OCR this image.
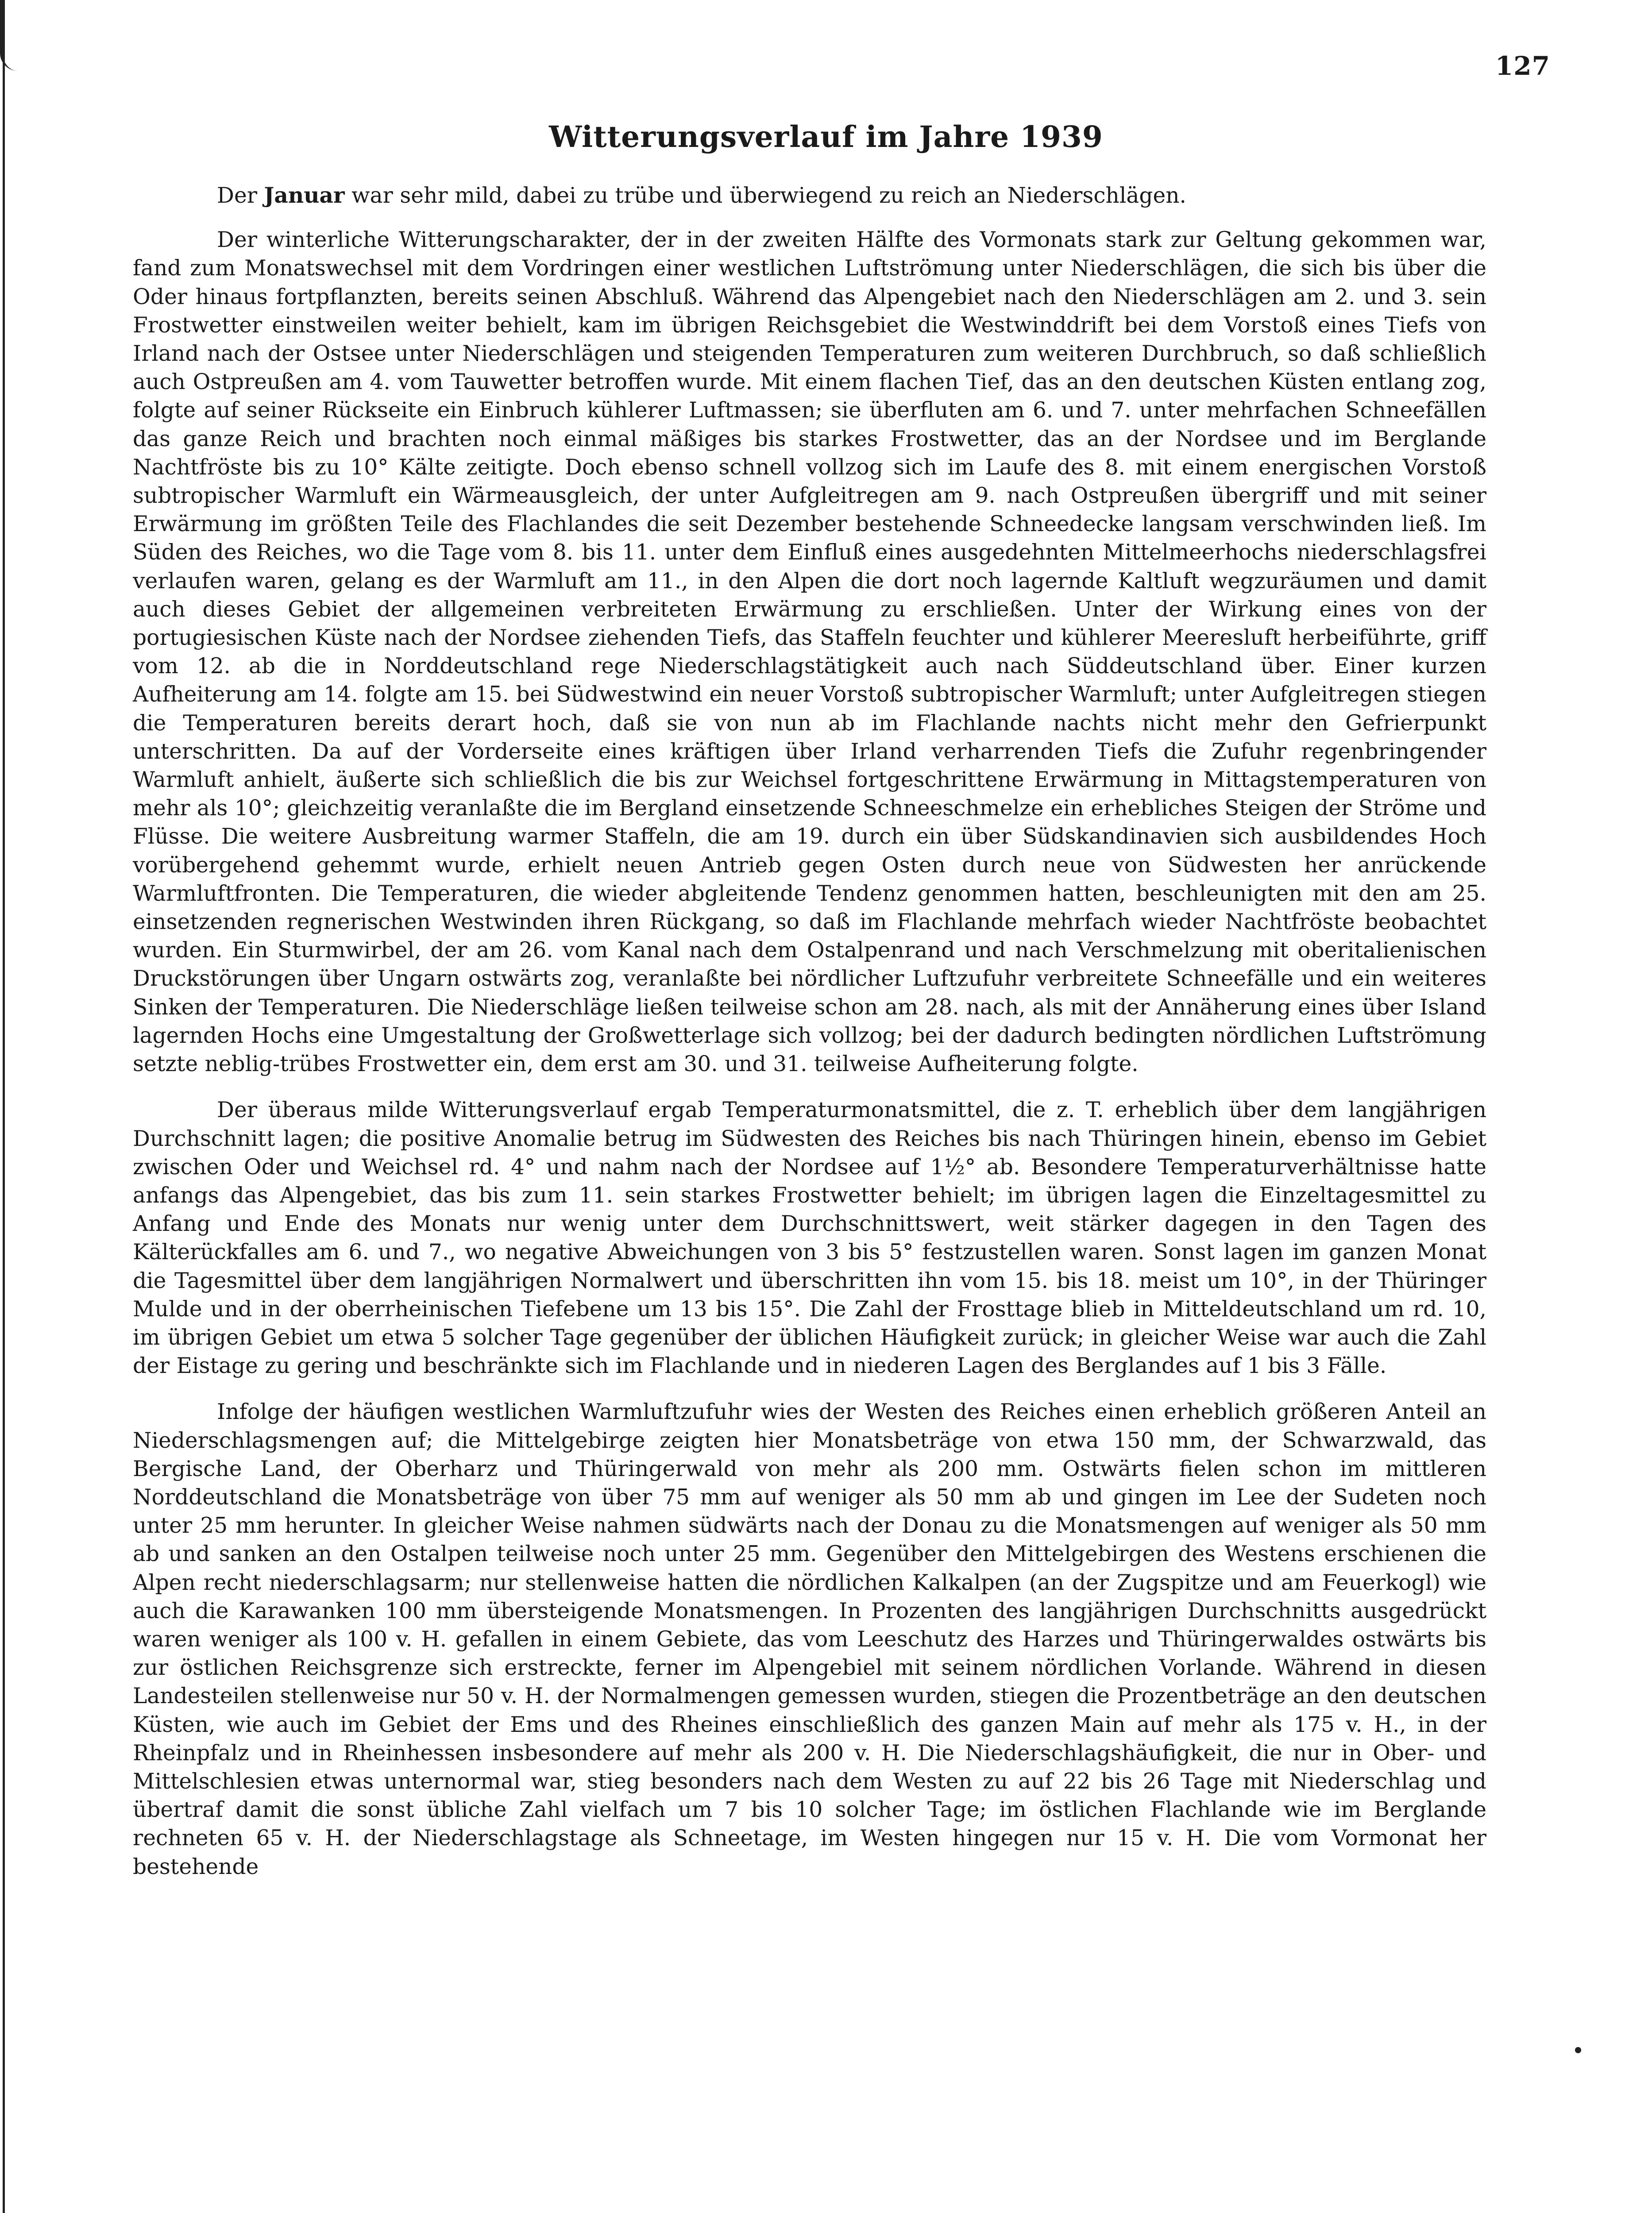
127
Witterungsverlauf im Jahre 1939

Der Januar war sehr mild, dabei zu trübe und überwiegend zu reich an Niederschlägen.

Der winterliche Witterungscharakter, der in der zweiten Hälfte des Vormonats stark zur Geltung gekommen war, fand zum Monatswechsel mit dem Vordringen einer westlichen Luftströmung unter Niederschlägen, die sich bis über die Oder hinaus fortpflanzten, bereits seinen Abschluß. Während das Alpengebiet nach den Niederschlägen am 2. und 3. sein Frostwetter einstweilen weiter behielt, kam im übrigen Reichsgebiet die Westwinddrift bei dem Vorstoß eines Tiefs von Irland nach der Ostsee unter Niederschlägen und steigenden Temperaturen zum weiteren Durchbruch, so daß schließlich auch Ostpreußen am 4. vom Tauwetter betroffen wurde. Mit einem flachen Tief, das an den deutschen Küsten entlang zog, folgte auf seiner Rückseite ein Einbruch kühlerer Luftmassen; sie überfluten am 6. und 7. unter mehrfachen Schneefällen das ganze Reich und brachten noch einmal mäßiges bis starkes Frostwetter, das an der Nordsee und im Berglande Nachtfröste bis zu 10° Kälte zeitigte. Doch ebenso schnell vollzog sich im Laufe des 8. mit einem energischen Vorstoß subtropischer Warmluft ein Wärmeausgleich, der unter Aufgleitregen am 9. nach Ostpreußen übergriff und mit seiner Erwärmung im größten Teile des Flachlandes die seit Dezember bestehende Schneedecke langsam verschwinden ließ. Im Süden des Reiches, wo die Tage vom 8. bis 11. unter dem Einfluß eines ausgedehnten Mittelmeerhochs niederschlagsfrei verlaufen waren, gelang es der Warmluft am 11., in den Alpen die dort noch lagernde Kaltluft wegzuräumen und damit auch dieses Gebiet der allgemeinen verbreiteten Erwärmung zu erschließen. Unter der Wirkung eines von der portugiesischen Küste nach der Nordsee ziehenden Tiefs, das Staffeln feuchter und kühlerer Meeresluft herbeiführte, griff vom 12. ab die in Norddeutschland rege Niederschlagstätigkeit auch nach Süddeutschland über. Einer kurzen Aufheiterung am 14. folgte am 15. bei Südwestwind ein neuer Vorstoß subtropischer Warmluft; unter Aufgleitregen stiegen die Temperaturen bereits derart hoch, daß sie von nun ab im Flachlande nachts nicht mehr den Gefrierpunkt unterschritten. Da auf der Vorderseite eines kräftigen über Irland verharrenden Tiefs die Zufuhr regenbringender Warmluft anhielt, äußerte sich schließlich die bis zur Weichsel fortgeschrittene Erwärmung in Mittagstemperaturen von mehr als 10°; gleichzeitig veranlaßte die im Bergland einsetzende Schneeschmelze ein erhebliches Steigen der Ströme und Flüsse. Die weitere Ausbreitung warmer Staffeln, die am 19. durch ein über Südskandinavien sich ausbildendes Hoch vorübergehend gehemmt wurde, erhielt neuen Antrieb gegen Osten durch neue von Südwesten her anrückende Warmluftfronten. Die Temperaturen, die wieder abgleitende Tendenz genommen hatten, beschleunigten mit den am 25. einsetzenden regnerischen Westwinden ihren Rückgang, so daß im Flachlande mehrfach wieder Nachtfröste beobachtet wurden. Ein Sturmwirbel, der am 26. vom Kanal nach dem Ostalpenrand und nach Verschmelzung mit oberitalienischen Druckstörungen über Ungarn ostwärts zog, veranlaßte bei nördlicher Luftzufuhr verbreitete Schneefälle und ein weiteres Sinken der Temperaturen. Die Niederschläge ließen teilweise schon am 28. nach, als mit der Annäherung eines über Island lagernden Hochs eine Umgestaltung der Großwetterlage sich vollzog; bei der dadurch bedingten nördlichen Luftströmung setzte neblig-trübes Frostwetter ein, dem erst am 30. und 31. teilweise Aufheiterung folgte.

Der überaus milde Witterungsverlauf ergab Temperaturmonatsmittel, die z. T. erheblich über dem langjährigen Durchschnitt lagen; die positive Anomalie betrug im Südwesten des Reiches bis nach Thüringen hinein, ebenso im Gebiet zwischen Oder und Weichsel rd. 4° und nahm nach der Nordsee auf 1½° ab. Besondere Temperaturverhältnisse hatte anfangs das Alpengebiet, das bis zum 11. sein starkes Frostwetter behielt; im übrigen lagen die Einzeltagesmittel zu Anfang und Ende des Monats nur wenig unter dem Durchschnittswert, weit stärker dagegen in den Tagen des Kälterückfalles am 6. und 7., wo negative Abweichungen von 3 bis 5° festzustellen waren. Sonst lagen im ganzen Monat die Tagesmittel über dem langjährigen Normalwert und überschritten ihn vom 15. bis 18. meist um 10°, in der Thüringer Mulde und in der oberrheinischen Tiefebene um 13 bis 15°. Die Zahl der Frosttage blieb in Mitteldeutschland um rd. 10, im übrigen Gebiet um etwa 5 solcher Tage gegenüber der üblichen Häufigkeit zurück; in gleicher Weise war auch die Zahl der Eistage zu gering und beschränkte sich im Flachlande und in niederen Lagen des Berglandes auf 1 bis 3 Fälle.

Infolge der häufigen westlichen Warmluftzufuhr wies der Westen des Reiches einen erheblich größeren Anteil an Niederschlagsmengen auf; die Mittelgebirge zeigten hier Monatsbeträge von etwa 150 mm, der Schwarzwald, das Bergische Land, der Oberharz und Thüringerwald von mehr als 200 mm. Ostwärts fielen schon im mittleren Norddeutschland die Monatsbeträge von über 75 mm auf weniger als 50 mm ab und gingen im Lee der Sudeten noch unter 25 mm herunter. In gleicher Weise nahmen südwärts nach der Donau zu die Monatsmengen auf weniger als 50 mm ab und sanken an den Ostalpen teilweise noch unter 25 mm. Gegenüber den Mittelgebirgen des Westens erschienen die Alpen recht niederschlagsarm; nur stellenweise hatten die nördlichen Kalkalpen (an der Zugspitze und am Feuerkogl) wie auch die Karawanken 100 mm übersteigende Monatsmengen. In Prozenten des langjährigen Durchschnitts ausgedrückt waren weniger als 100 v. H. gefallen in einem Gebiete, das vom Leeschutz des Harzes und Thüringerwaldes ostwärts bis zur östlichen Reichsgrenze sich erstreckte, ferner im Alpengebiel mit seinem nördlichen Vorlande. Während in diesen Landesteilen stellenweise nur 50 v. H. der Normalmengen gemessen wurden, stiegen die Prozentbeträge an den deutschen Küsten, wie auch im Gebiet der Ems und des Rheines einschließlich des ganzen Main auf mehr als 175 v. H., in der Rheinpfalz und in Rheinhessen insbesondere auf mehr als 200 v. H. Die Niederschlagshäufigkeit, die nur in Ober- und Mittelschlesien etwas unternormal war, stieg besonders nach dem Westen zu auf 22 bis 26 Tage mit Niederschlag und übertraf damit die sonst übliche Zahl vielfach um 7 bis 10 solcher Tage; im östlichen Flachlande wie im Berglande rechneten 65 v. H. der Niederschlagstage als Schneetage, im Westen hingegen nur 15 v. H. Die vom Vormonat her bestehende
